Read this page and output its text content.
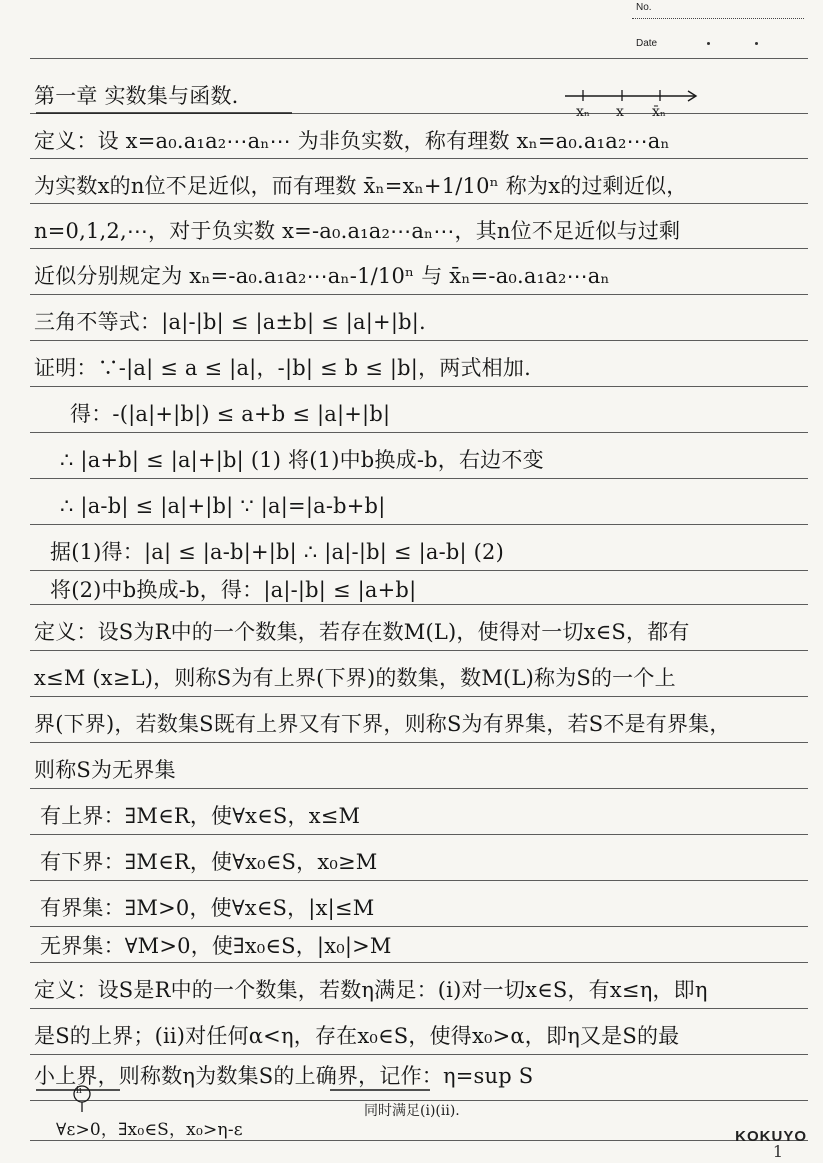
No.
Date
xₙ x x̄ₙ
第一章 实数集与函数.
定义：设 x=a₀.a₁a₂⋯aₙ⋯ 为非负实数，称有理数 xₙ=a₀.a₁a₂⋯aₙ
为实数x的n位不足近似，而有理数 x̄ₙ=xₙ+1/10ⁿ 称为x的过剩近似，
n=0,1,2,⋯，对于负实数 x=-a₀.a₁a₂⋯aₙ⋯，其n位不足近似与过剩
近似分别规定为 xₙ=-a₀.a₁a₂⋯aₙ-1/10ⁿ 与 x̄ₙ=-a₀.a₁a₂⋯aₙ
三角不等式：|a|-|b| ≤ |a±b| ≤ |a|+|b|.
证明：∵-|a| ≤ a ≤ |a|，-|b| ≤ b ≤ |b|，两式相加.
得：-(|a|+|b|) ≤ a+b ≤ |a|+|b|
∴ |a+b| ≤ |a|+|b| (1) 将(1)中b换成-b，右边不变
∴ |a-b| ≤ |a|+|b| ∵ |a|=|a-b+b|
据(1)得：|a| ≤ |a-b|+|b| ∴ |a|-|b| ≤ |a-b| (2)
将(2)中b换成-b，得：|a|-|b| ≤ |a+b|
定义：设S为R中的一个数集，若存在数M(L)，使得对一切x∈S，都有
x≤M (x≥L)，则称S为有上界(下界)的数集，数M(L)称为S的一个上
界(下界)，若数集S既有上界又有下界，则称S为有界集，若S不是有界集，
则称S为无界集
有上界：∃M∈R，使∀x∈S，x≤M
有下界：∃M∈R，使∀x₀∈S，x₀≥M
有界集：∃M>0，使∀x∈S，|x|≤M
无界集：∀M>0，使∃x₀∈S，|x₀|>M
定义：设S是R中的一个数集，若数η满足：(i)对一切x∈S，有x≤η，即η
是S的上界；(ii)对任何α<η，存在x₀∈S，使得x₀>α，即η又是S的最
小上界，则称数η为数集S的上确界，记作：η=sup S
∀ε>0，∃x₀∈S，x₀>η-ε
ii
同时满足(i)(ii).
KOKUYO
1
